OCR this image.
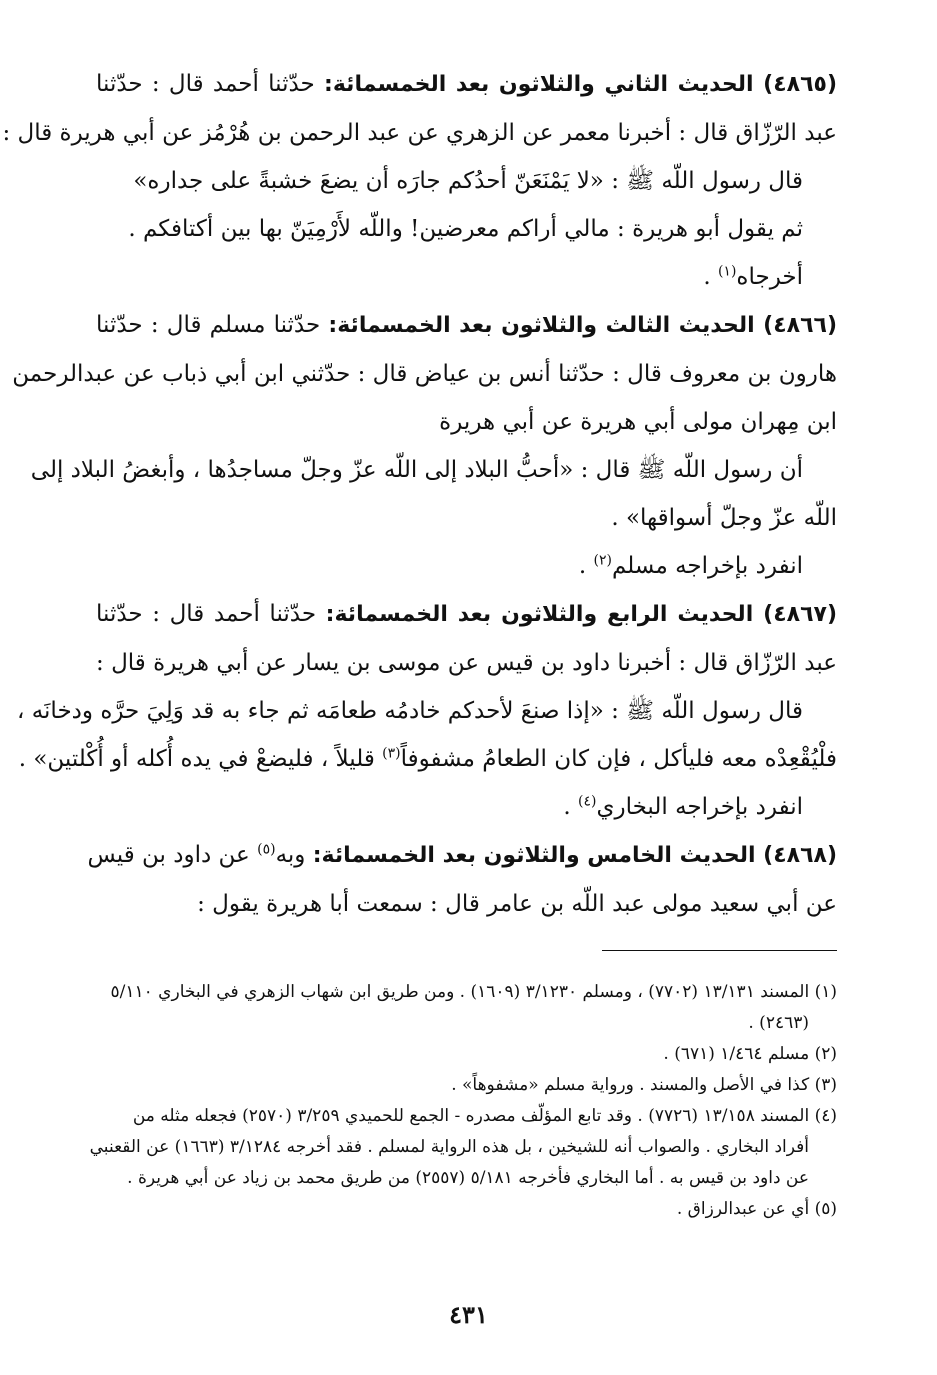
(٤٨٦٥) الحديث الثاني والثلاثون بعد الخمسمائة: حدّثنا أحمد قال : حدّثنا
عبد الرّزّاق قال : أخبرنا معمر عن الزهري عن عبد الرحمن بن هُرْمُز عن أبي هريرة قال :
قال رسول اللّه ﷺ : «لا يَمْنَعَنّ أحدُكم جارَه أن يضعَ خشبةً على جداره»
ثم يقول أبو هريرة : مالي أراكم معرضين! واللّه لأَرْمِيَنّ بها بين أكتافكم .
أخرجاه$^{(١)}$ .
(٤٨٦٦) الحديث الثالث والثلاثون بعد الخمسمائة: حدّثنا مسلم قال : حدّثنا
هارون بن معروف قال : حدّثنا أنس بن عياض قال : حدّثني ابن أبي ذباب عن عبدالرحمن
ابن مِهران مولى أبي هريرة عن أبي هريرة
أن رسول اللّه ﷺ قال : «أحبُّ البلاد إلى اللّه عزّ وجلّ مساجدُها ، وأبغضُ البلاد إلى
اللّه عزّ وجلّ أسواقها» .
انفرد بإخراجه مسلم$^{(٢)}$ .
(٤٨٦٧) الحديث الرابع والثلاثون بعد الخمسمائة: حدّثنا أحمد قال : حدّثنا
عبد الرّزّاق قال : أخبرنا داود بن قيس عن موسى بن يسار عن أبي هريرة قال :
قال رسول اللّه ﷺ : «إذا صنعَ لأحدكم خادمُه طعامَه ثم جاء به قد وَلِيَ حرَّه ودخانَه ،
فلْيُقْعِدْه معه فليأكل ، فإن كان الطعامُ مشفوفاً$^{(٣)}$ قليلاً ، فليضعْ في يده أُكله أو أُكْلتين» .
انفرد بإخراجه البخاري$^{(٤)}$ .
(٤٨٦٨) الحديث الخامس والثلاثون بعد الخمسمائة: وبه$^{(٥)}$ عن داود بن قيس
عن أبي سعيد مولى عبد اللّه بن عامر قال : سمعت أبا هريرة يقول :
(١) المسند ١٣/١٣١ (٧٧٠٢) ، ومسلم ٣/١٢٣٠ (١٦٠٩) . ومن طريق ابن شهاب الزهري في البخاري ٥/١١٠
(٢٤٦٣) .
(٢) مسلم ١/٤٦٤ (٦٧١) .
(٣) كذا في الأصل والمسند . ورواية مسلم «مشفوهاً» .
(٤) المسند ١٣/١٥٨ (٧٧٢٦) . وقد تابع المؤلّف مصدره - الجمع للحميدي ٣/٢٥٩ (٢٥٧٠) فجعله مثله من
أفراد البخاري . والصواب أنه للشيخين ، بل هذه الرواية لمسلم . فقد أخرجه ٣/١٢٨٤ (١٦٦٣) عن القعنبي
عن داود بن قيس به . أما البخاري فأخرجه ٥/١٨١ (٢٥٥٧) من طريق محمد بن زياد عن أبي هريرة .
(٥) أي عن عبدالرزاق .
٤٣١
